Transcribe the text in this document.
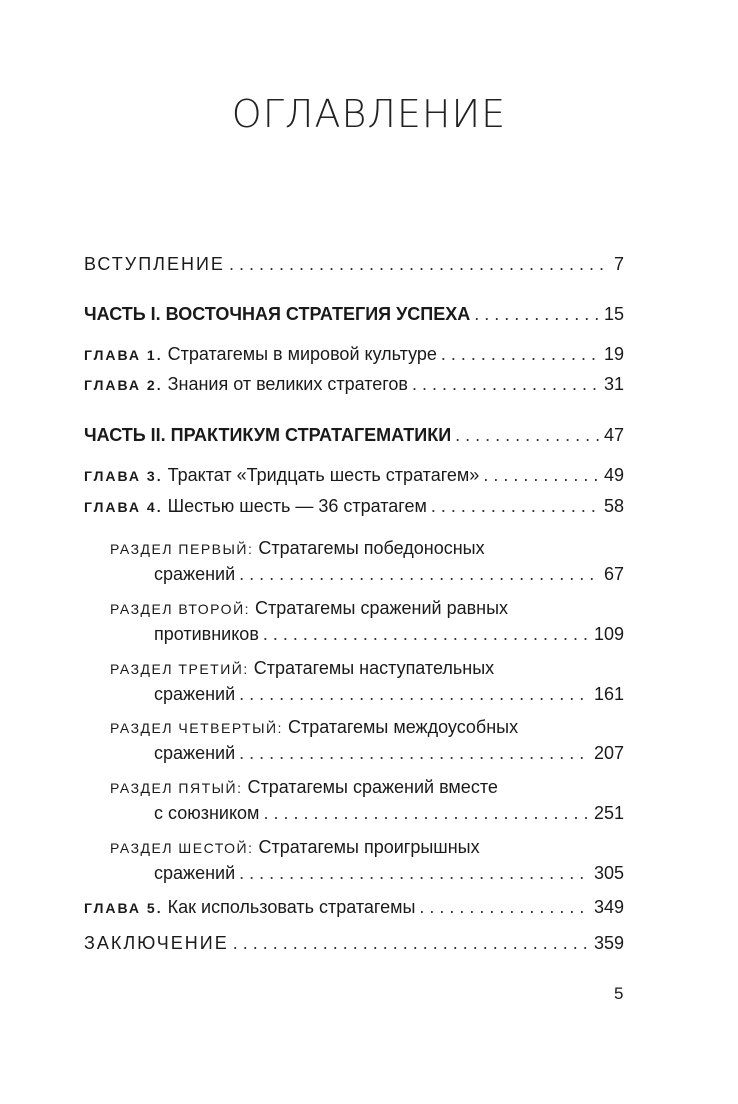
ОГЛАВЛЕНИЕ
ВСТУПЛЕНИЕ . . .	7
ЧАСТЬ I. ВОСТОЧНАЯ СТРАТЕГИЯ УСПЕХА . . .	15
ГЛАВА 1. Стратагемы в мировой культуре . . .	19
ГЛАВА 2. Знания от великих стратегов . . .	31
ЧАСТЬ II. ПРАКТИКУМ СТРАТАГЕМАТИКИ . . .	47
ГЛАВА 3. Трактат «Тридцать шесть стратагем» . . .	49
ГЛАВА 4. Шестью шесть — 36 стратагем . . .	58
РАЗДЕЛ ПЕРВЫЙ: Стратагемы победоносных
сражений . . .	67
РАЗДЕЛ ВТОРОЙ: Стратагемы сражений равных
противников . . .	109
РАЗДЕЛ ТРЕТИЙ: Стратагемы наступательных
сражений . . .	161
РАЗДЕЛ ЧЕТВЕРТЫЙ: Стратагемы междоусобных
сражений . . .	207
РАЗДЕЛ ПЯТЫЙ: Стратагемы сражений вместе
с союзником . . .	251
РАЗДЕЛ ШЕСТОЙ: Стратагемы проигрышных
сражений . . .	305
ГЛАВА 5. Как использовать стратагемы . . .	349
ЗАКЛЮЧЕНИЕ . . .	359
5
